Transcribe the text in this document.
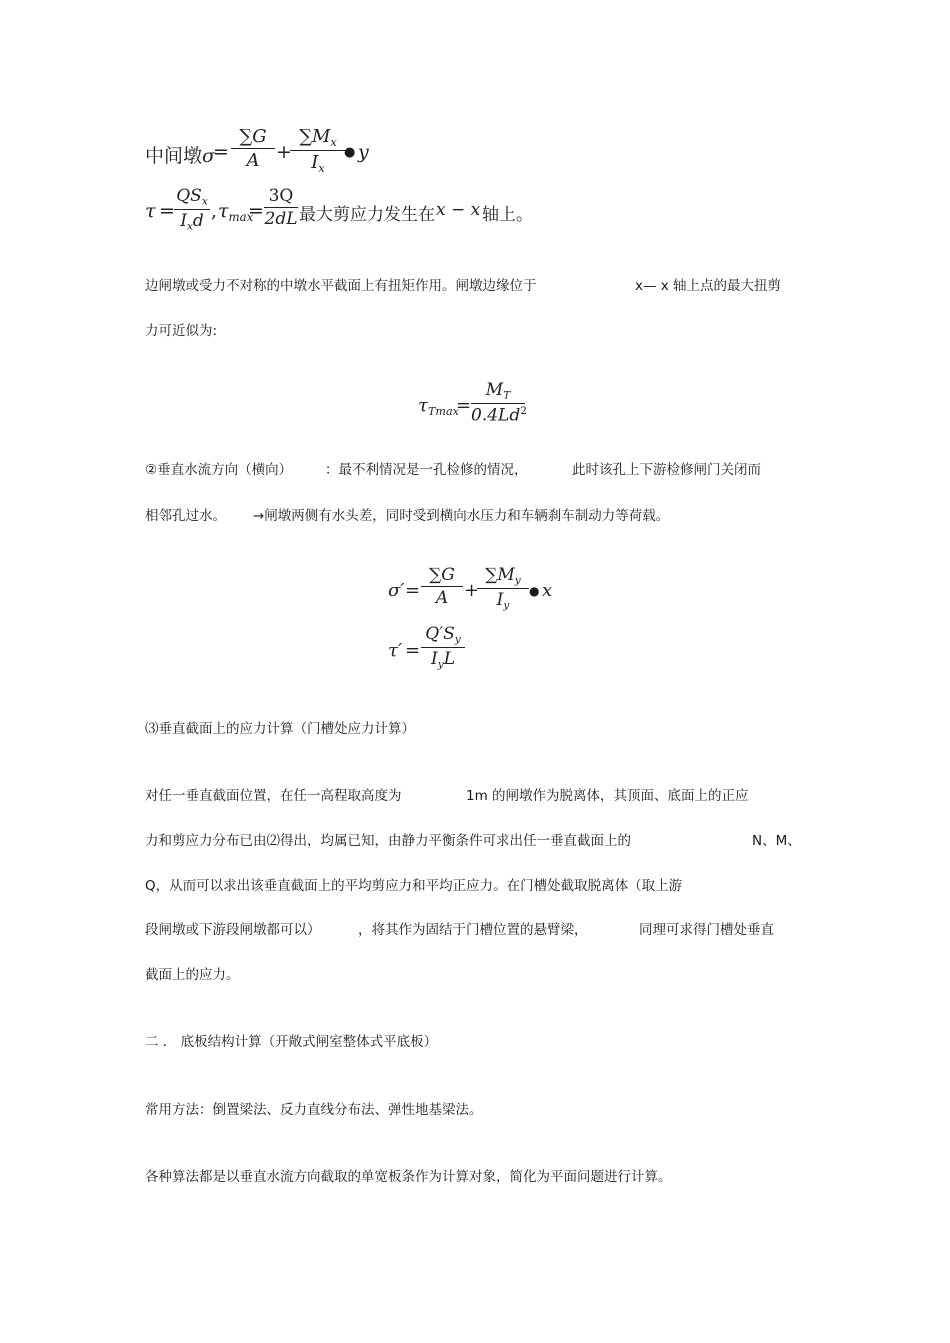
中间墩σ
=
∑G
A +
$\sum M_x$
$I_x$
● y
τ =
$QS_x$
$I_xd$ , $\tau_{max}$
=
3Q
2dL 最大剪应力发生在 x − x 轴上。
边闸墩或受力不对称的中墩水平截面上有扭矩作用。闸墩边缘位于	x— x 轴上点的最大扭剪
力可近似为:
$\tau_{Tmax}$
=
$M_T$
0.4Ld$^2$
②垂直水流方向（横向） ：最不利情况是一孔检修的情况，	此时该孔上下游检修闸门关闭而
相邻孔过水。 →闸墩两侧有水头差，同时受到横向水压力和车辆刹车制动力等荷载。
σ′ =
∑G
A +
$\sum M_y$
$I_y$
● x
τ′ =
$Q'S_y$
$I_yL$
⑶垂直截面上的应力计算（门槽处应力计算）
对任一垂直截面位置，在任一高程取高度为	1m 的闸墩作为脱离体，其顶面、底面上的正应
力和剪应力分布已由⑵得出，均属已知，由静力平衡条件可求出任一垂直截面上的	N、M、
Q，从而可以求出该垂直截面上的平均剪应力和平均正应力。在门槽处截取脱离体（取上游
段闸墩或下游段闸墩都可以）	，将其作为固结于门槽位置的悬臂梁，	同理可求得门槽处垂直
截面上的应力。
二 ． 底板结构计算（开敞式闸室整体式平底板）
常用方法：倒置梁法、反力直线分布法、弹性地基梁法。
各种算法都是以垂直水流方向截取的单宽板条作为计算对象，简化为平面问题进行计算。
